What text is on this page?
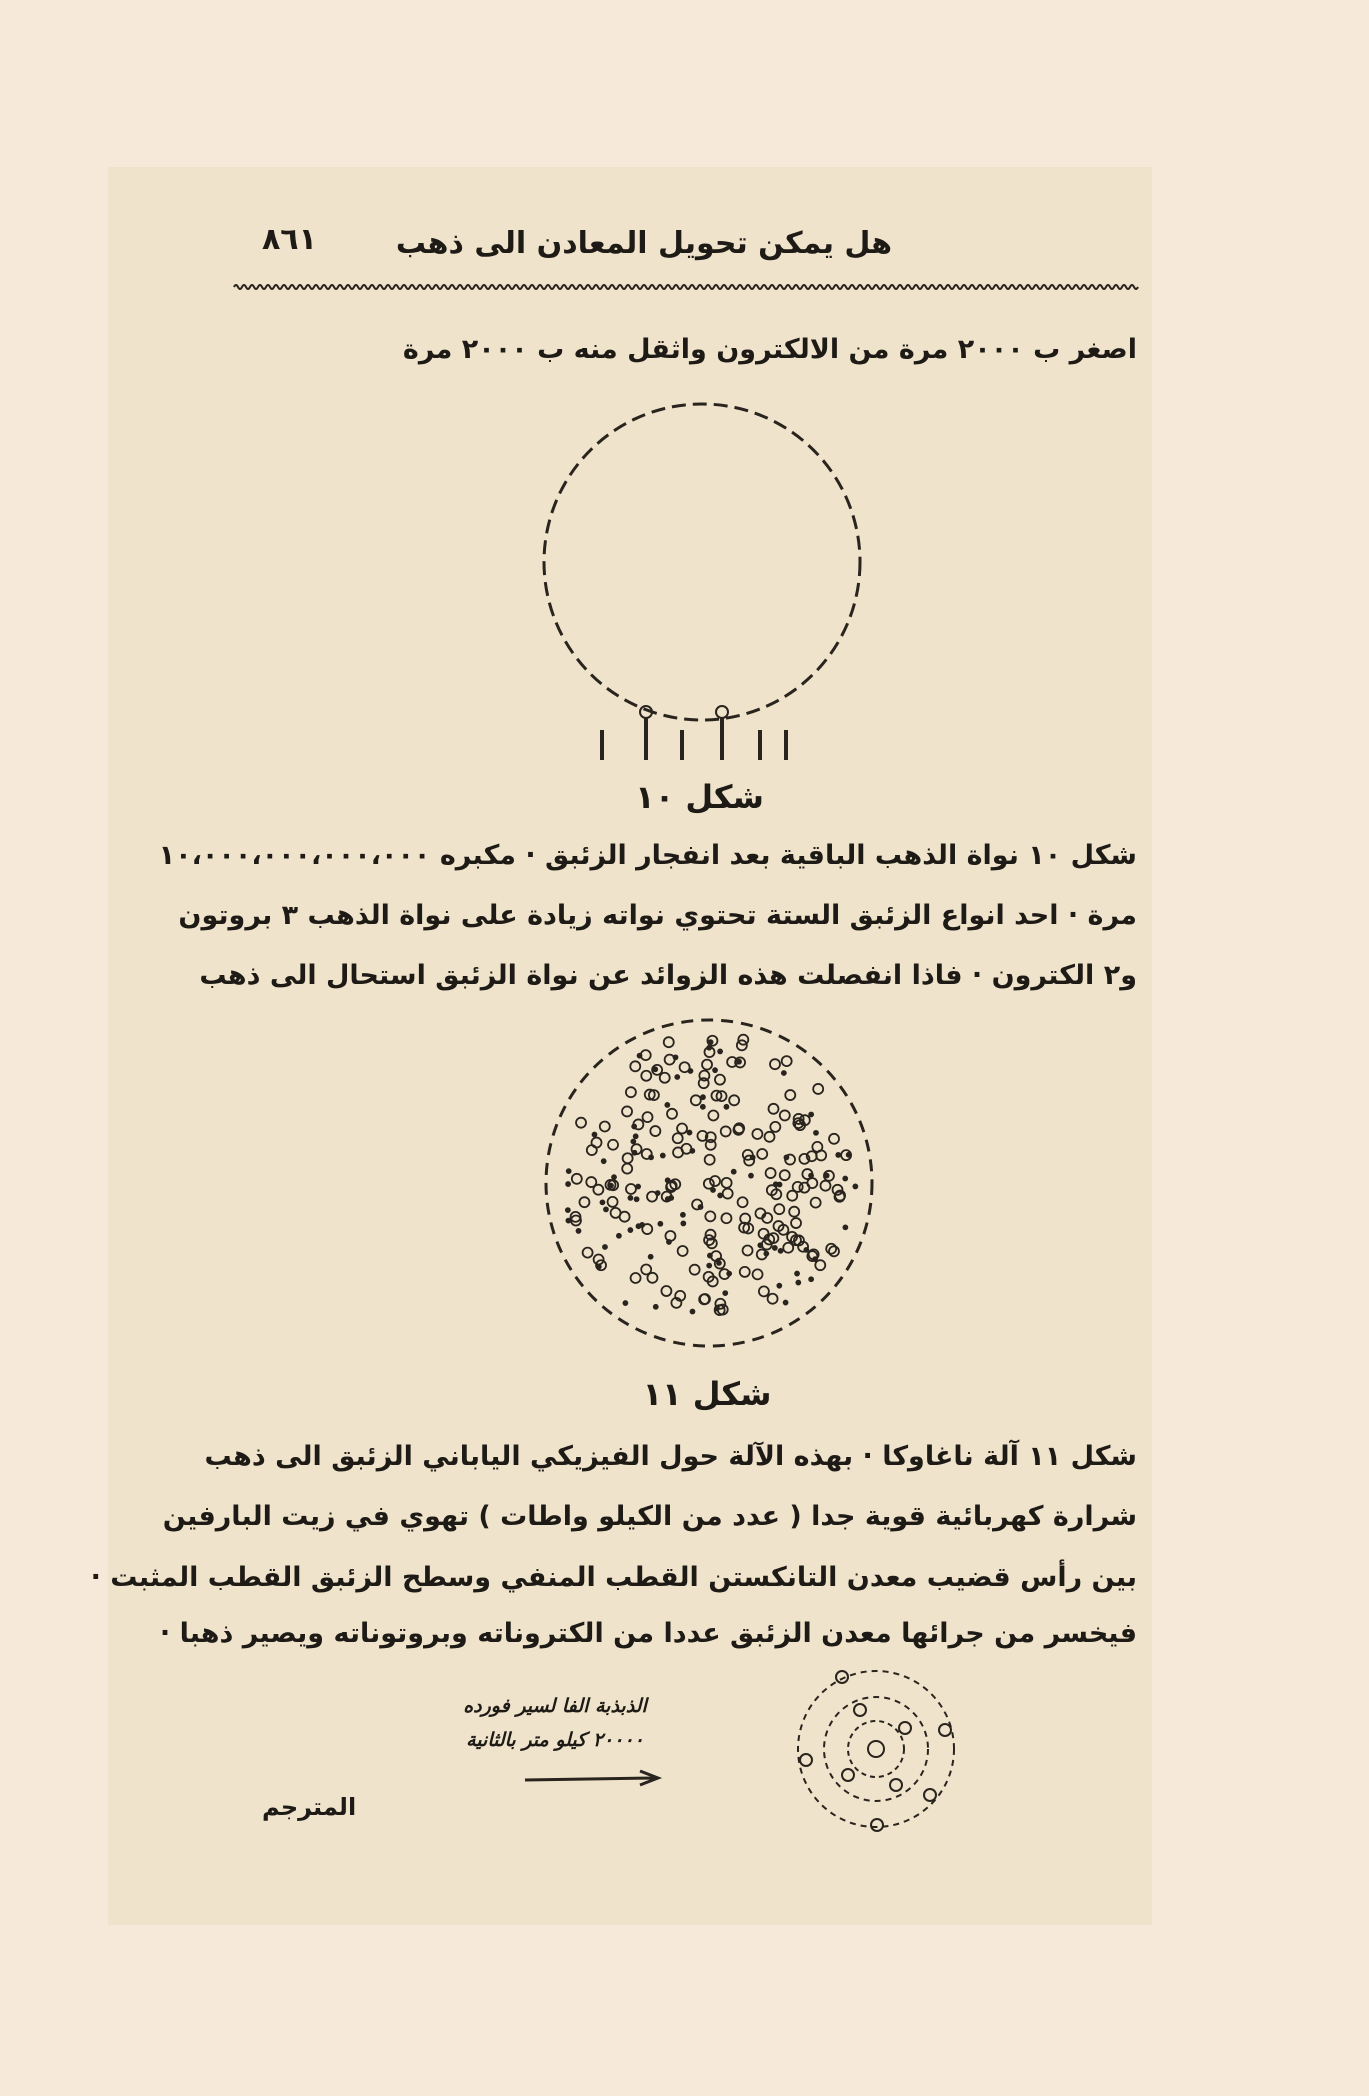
٨٦١	هل يمكن تحويل المعادن الى ذهب
اصغر ب ٢٠٠٠ مرة من الالكترون واثقل منه ب ٢٠٠٠ مرة
شكل ١٠
شكل ١٠ نواة الذهب الباقية بعد انفجار الزئبق · مكبره ١٠،٠٠٠،٠٠٠،٠٠٠،٠٠٠
مرة · احد انواع الزئبق الستة تحتوي نواته زيادة على نواة الذهب ٣ بروتون
و٢ الكترون · فاذا انفصلت هذه الزوائد عن نواة الزئبق استحال الى ذهب
شكل ١١
شكل ١١ آلة ناغاوكا · بهذه الآلة حول الفيزيكي الياباني الزئبق الى ذهب
شرارة كهربائية قوية جدا ( عدد من الكيلو واطات ) تهوي في زيت البارفين
بين رأس قضيب معدن التانكستن القطب المنفي وسطح الزئبق القطب المثبت ·
فيخسر من جرائها معدن الزئبق عددا من الكتروناته وبروتوناته ويصير ذهبا ·
الذبذبة الفا لسير فورده
٢٠٠٠٠ كيلو متر بالثانية
المترجم
